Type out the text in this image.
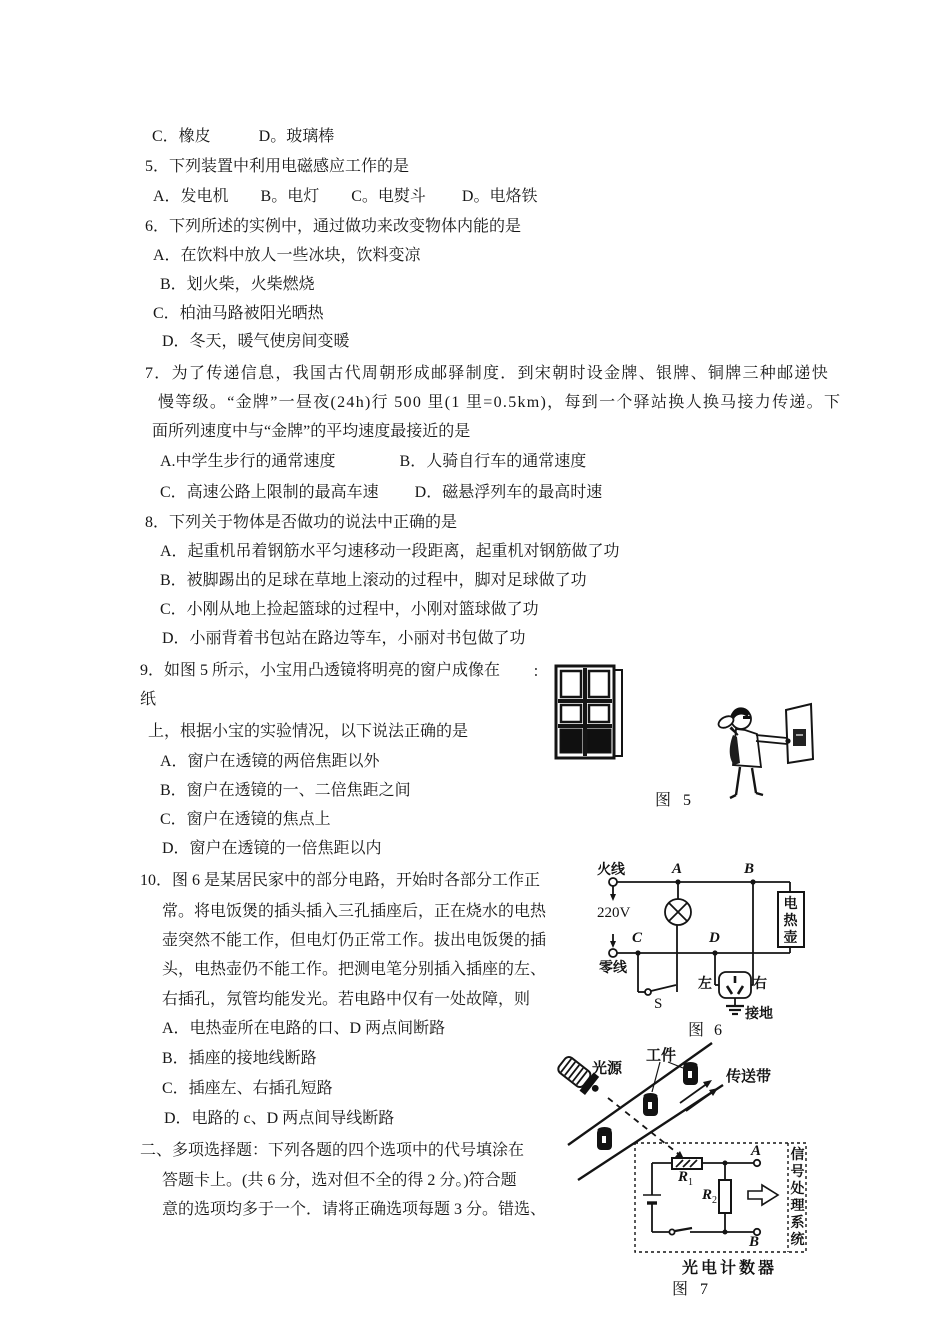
C．橡皮　　　D。玻璃棒
5．下列装置中利用电磁感应工作的是
A．发电机　　B。电灯　　C。电熨斗　　 D。电烙铁
6．下列所述的实例中，通过做功来改变物体内能的是
A．在饮料中放人一些冰块，饮料变凉
B．划火柴，火柴燃烧
C．柏油马路被阳光晒热
D．冬天，暖气使房间变暖
7．为了传递信息，我国古代周朝形成邮驿制度．到宋朝时设金牌、银牌、铜牌三种邮递快
慢等级。“金牌”一昼夜(24h)行 500 里(1 里=0.5km)，每到一个驿站换人换马接力传递。下
面所列速度中与“金牌”的平均速度最接近的是
A.中学生步行的通常速度　　　　B．人骑自行车的通常速度
C．高速公路上限制的最高车速　　 D．磁悬浮列车的最高时速
8．下列关于物体是否做功的说法中正确的是
A．起重机吊着钢筋水平匀速移动一段距离，起重机对钢筋做了功
B．被脚踢出的足球在草地上滚动的过程中，脚对足球做了功
C．小刚从地上捡起篮球的过程中，小刚对篮球做了功
D．小丽背着书包站在路边等车，小丽对书包做了功
9．如图 5 所示，小宝用凸透镜将明亮的窗户成像在
纸
上，根据小宝的实验情况，以下说法正确的是
A．窗户在透镜的两倍焦距以外
B．窗户在透镜的一、二倍焦距之间
C．窗户在透镜的焦点上
D．窗户在透镜的一倍焦距以内
10．图 6 是某居民家中的部分电路，开始时各部分工作正
常。将电饭煲的插头插入三孔插座后，正在烧水的电热
壶突然不能工作，但电灯仍正常工作。拔出电饭煲的插
头，电热壶仍不能工作。把测电笔分别插入插座的左、
右插孔，氖管均能发光。若电路中仅有一处故障，则
A．电热壶所在电路的口、D 两点间断路
B．插座的接地线断路
C．插座左、右插孔短路
D．电路的 c、D 两点间导线断路
二、多项选择题：下列各题的四个选项中的代号填涂在
答题卡上。(共 6 分，选对但不全的得 2 分。)符合题
意的选项均多于一个．请将正确选项每题 3 分。错选、
∶
图 5
火线
220V
零线
A	B
C	D
S
左	右
接地
电热壶
图 6
光源
工件
传送带
$R_1$
$R_2$
A
B
信号处理系统
光电计数器
图 7
